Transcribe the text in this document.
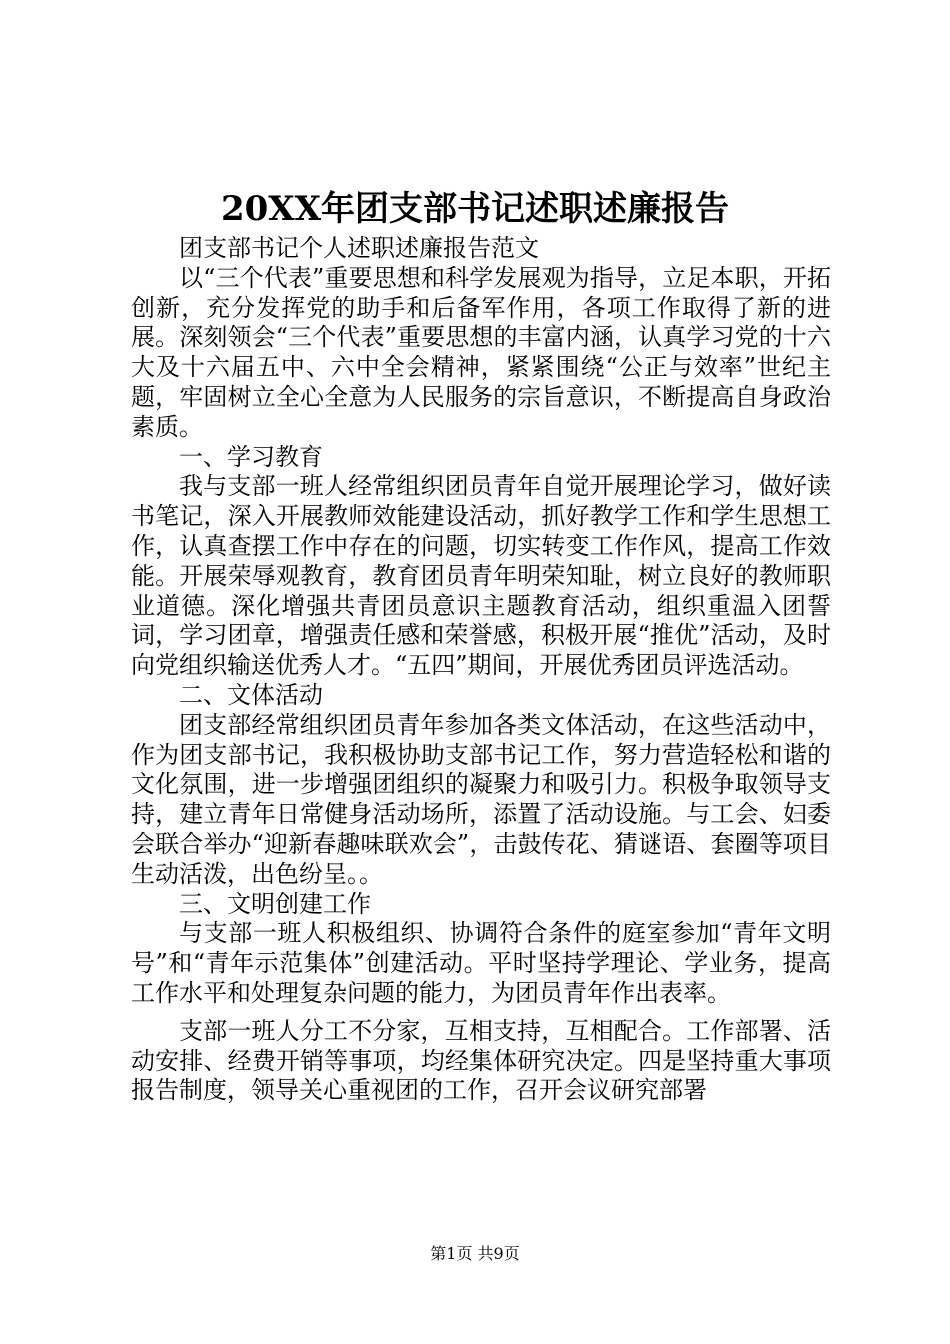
20XX年团支部书记述职述廉报告

团支部书记个人述职述廉报告范文

以“三个代表”重要思想和科学发展观为指导，立足本职，开拓创新，充分发挥党的助手和后备军作用，各项工作取得了新的进展。深刻领会“三个代表”重要思想的丰富内涵，认真学习党的十六大及十六届五中、六中全会精神，紧紧围绕“公正与效率”世纪主题，牢固树立全心全意为人民服务的宗旨意识，不断提高自身政治素质。

一、学习教育

我与支部一班人经常组织团员青年自觉开展理论学习，做好读书笔记，深入开展教师效能建设活动，抓好教学工作和学生思想工作，认真查摆工作中存在的问题，切实转变工作作风，提高工作效能。开展荣辱观教育，教育团员青年明荣知耻，树立良好的教师职业道德。深化增强共青团员意识主题教育活动，组织重温入团誓词，学习团章，增强责任感和荣誉感，积极开展“推优”活动，及时向党组织输送优秀人才。“五四”期间，开展优秀团员评选活动。

二、文体活动

团支部经常组织团员青年参加各类文体活动，在这些活动中，作为团支部书记，我积极协助支部书记工作，努力营造轻松和谐的文化氛围，进一步增强团组织的凝聚力和吸引力。积极争取领导支持，建立青年日常健身活动场所，添置了活动设施。与工会、妇委会联合举办“迎新春趣味联欢会”，击鼓传花、猜谜语、套圈等项目生动活泼，出色纷呈。。

三、文明创建工作

与支部一班人积极组织、协调符合条件的庭室参加“青年文明号”和“青年示范集体”创建活动。平时坚持学理论、学业务，提高工作水平和处理复杂问题的能力，为团员青年作出表率。

支部一班人分工不分家，互相支持，互相配合。工作部署、活动安排、经费开销等事项，均经集体研究决定。四是坚持重大事项报告制度，领导关心重视团的工作，召开会议研究部署

第1页 共9页
